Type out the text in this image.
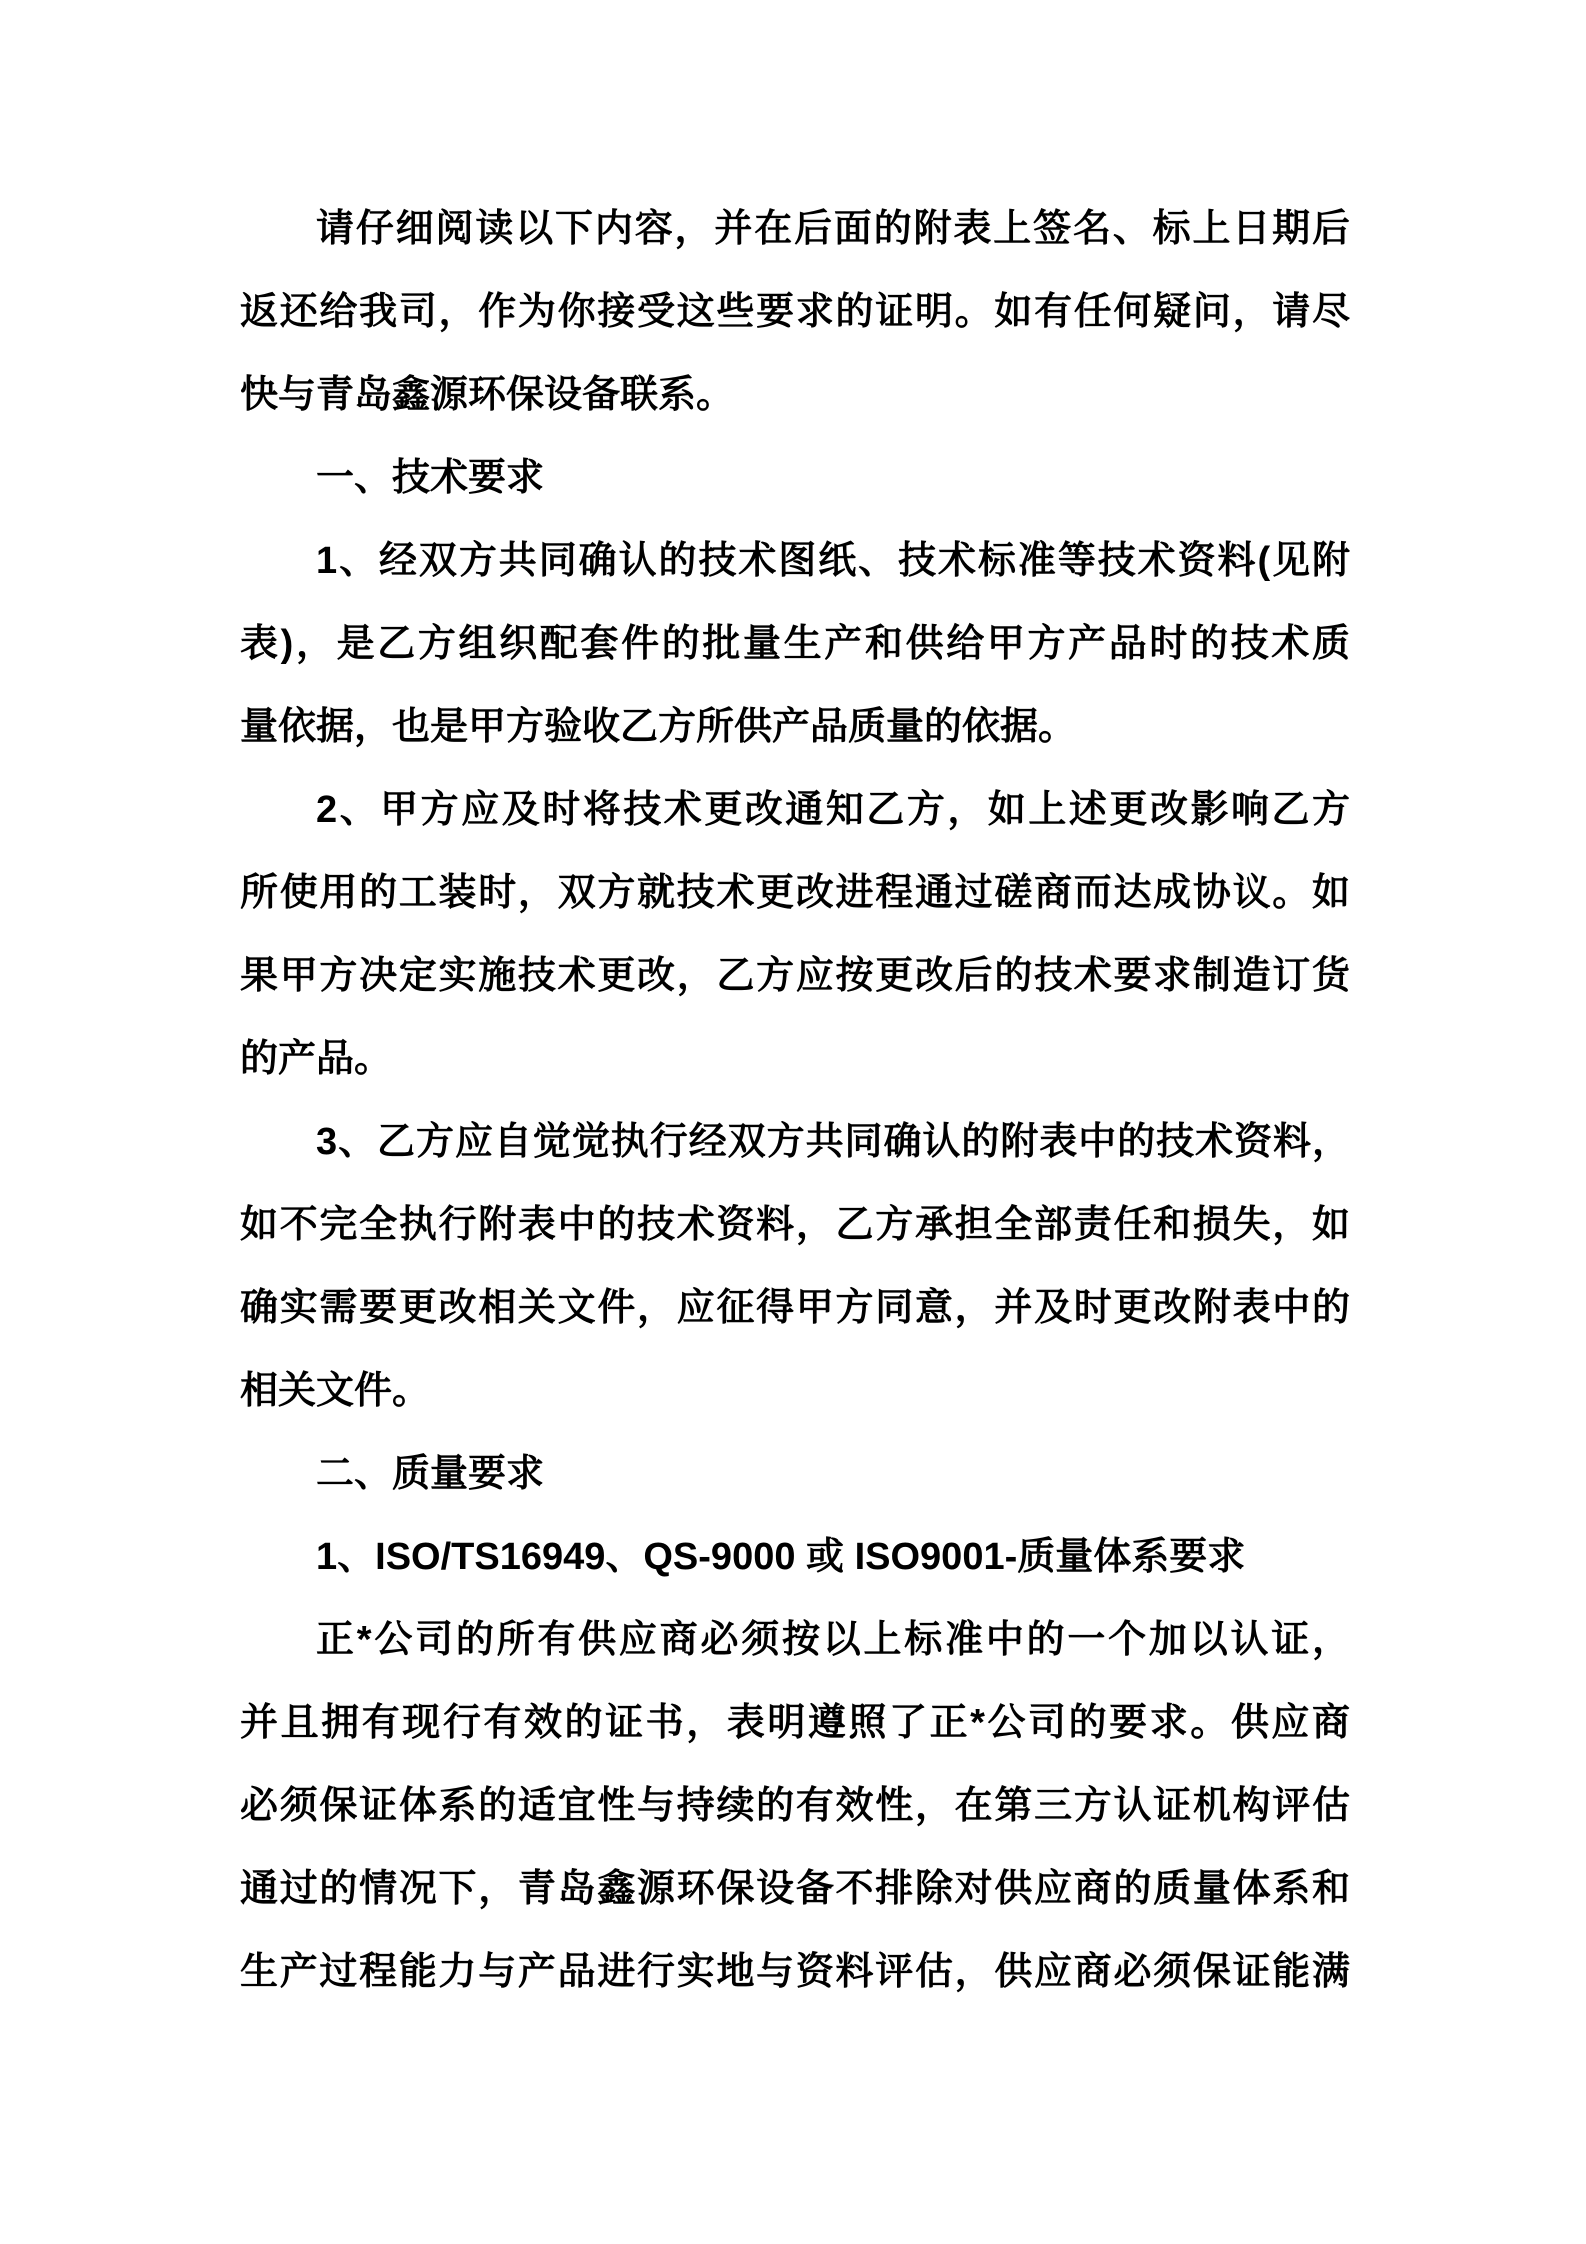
请仔细阅读以下内容，并在后面的附表上签名、标上日期后
返还给我司，作为你接受这些要求的证明。如有任何疑问，请尽
快与青岛鑫源环保设备联系。
一、技术要求
1、经双方共同确认的技术图纸、技术标准等技术资料(见附
表)，是乙方组织配套件的批量生产和供给甲方产品时的技术质
量依据，也是甲方验收乙方所供产品质量的依据。
2、甲方应及时将技术更改通知乙方，如上述更改影响乙方
所使用的工装时，双方就技术更改进程通过磋商而达成协议。如
果甲方决定实施技术更改，乙方应按更改后的技术要求制造订货
的产品。
3、乙方应自觉觉执行经双方共同确认的附表中的技术资料，
如不完全执行附表中的技术资料，乙方承担全部责任和损失，如
确实需要更改相关文件，应征得甲方同意，并及时更改附表中的
相关文件。
二、质量要求
1、ISO/TS16949、QS-9000 或 ISO9001-质量体系要求
正*公司的所有供应商必须按以上标准中的一个加以认证，
并且拥有现行有效的证书，表明遵照了正*公司的要求。供应商
必须保证体系的适宜性与持续的有效性，在第三方认证机构评估
通过的情况下，青岛鑫源环保设备不排除对供应商的质量体系和
生产过程能力与产品进行实地与资料评估，供应商必须保证能满
